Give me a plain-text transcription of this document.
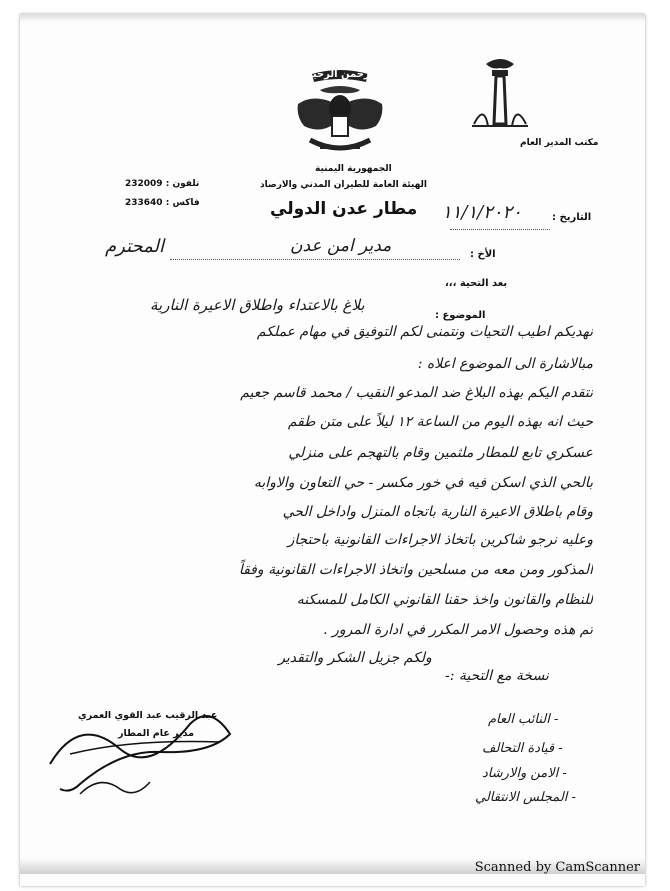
تلفون : 232009
فاكس : 233640
بسم الله الرحمن الرحيم
الجمهورية اليمنية
الهيئة العامة للطيران المدني والارصاد
مطار عدن الدولي
مكتب المدير العام
التاريخ :
١١/١/٢٠٢٠
المحترم	مدير امن عدن	الأخ :
بعد التحية ،،،
بلاغ بالاعتداء واطلاق الاعيرة النارية
الموضوع :
نهديكم اطيب التحيات ونتمنى لكم التوفيق في مهام عملكم
مبالاشارة الى الموضوع اعلاه :
نتقدم اليكم بهذه البلاغ ضد المدعو النقيب / محمد قاسم جعيم
حيث انه بهذه اليوم من الساعة ١٢ ليلاً على متن طقم
عسكري تابع للمطار ملثمين وقام بالتهجم على منزلي
بالحي الذي اسكن فيه في خور مكسر - حي التعاون والاوابه
وقام باطلاق الاعيرة النارية باتجاه المنزل واداخل الحي
وعليه نرجو شاكرين باتخاذ الاجراءات القانونية باحتجاز
المذكور ومن معه من مسلحين واتخاذ الاجراءات القانونية وفقاً
للنظام والقانون واخذ حقنا القانوني الكامل للمسكنه
تم هذه وحصول الامر المكرر في ادارة المرور .
ولكم جزيل الشكر والتقدير
نسخة مع التحية :-
- النائب العام
- قيادة التحالف
- الامن والارشاد
- المجلس الانتقالي
عبد الرقيب عبد القوي العمري
مدير عام المطار
Scanned by CamScanner
